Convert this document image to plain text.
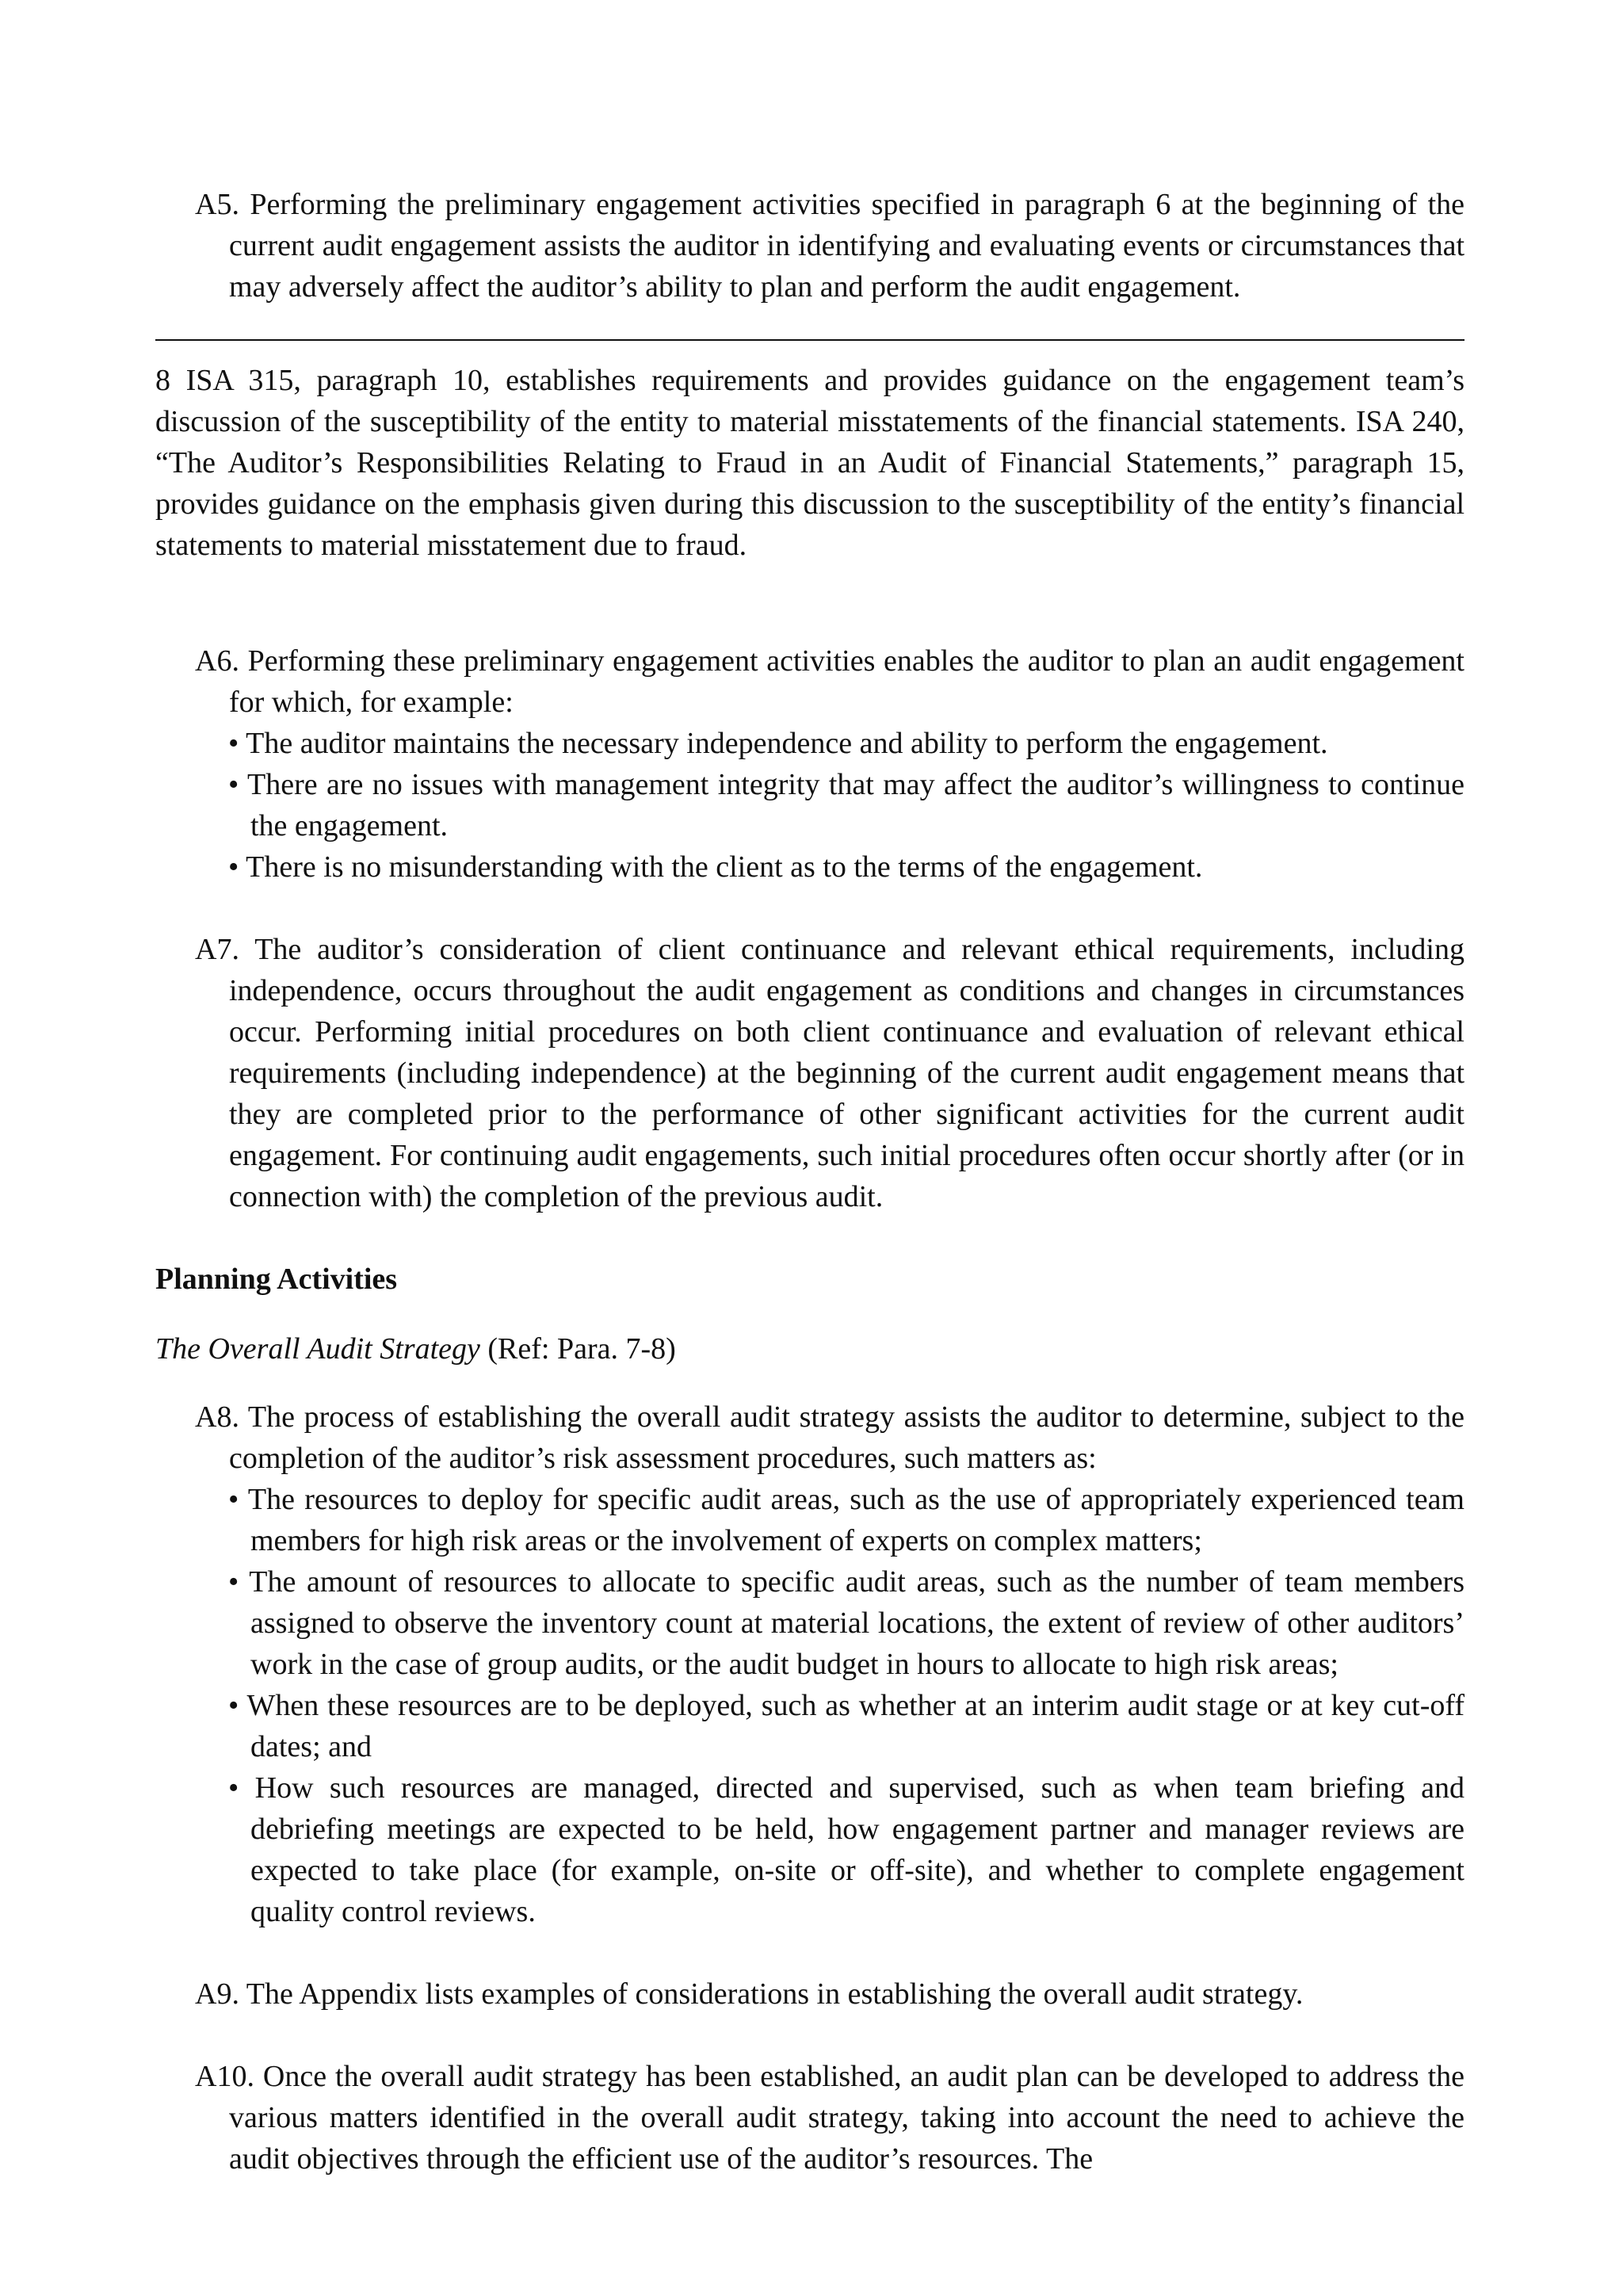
A5. Performing the preliminary engagement activities specified in paragraph 6 at the beginning of the current audit engagement assists the auditor in identifying and evaluating events or circumstances that may adversely affect the auditor’s ability to plan and perform the audit engagement.

8 ISA 315, paragraph 10, establishes requirements and provides guidance on the engagement team’s discussion of the susceptibility of the entity to material misstatements of the financial statements. ISA 240, “The Auditor’s Responsibilities Relating to Fraud in an Audit of Financial Statements,” paragraph 15, provides guidance on the emphasis given during this discussion to the susceptibility of the entity’s financial statements to material misstatement due to fraud.

A6. Performing these preliminary engagement activities enables the auditor to plan an audit engagement for which, for example:

• The auditor maintains the necessary independence and ability to perform the engagement.

• There are no issues with management integrity that may affect the auditor’s willingness to continue the engagement.

• There is no misunderstanding with the client as to the terms of the engagement.

A7. The auditor’s consideration of client continuance and relevant ethical requirements, including independence, occurs throughout the audit engagement as conditions and changes in circumstances occur. Performing initial procedures on both client continuance and evaluation of relevant ethical requirements (including independence) at the beginning of the current audit engagement means that they are completed prior to the performance of other significant activities for the current audit engagement. For continuing audit engagements, such initial procedures often occur shortly after (or in connection with) the completion of the previous audit.

Planning Activities

The Overall Audit Strategy (Ref: Para. 7-8)

A8. The process of establishing the overall audit strategy assists the auditor to determine, subject to the completion of the auditor’s risk assessment procedures, such matters as:

• The resources to deploy for specific audit areas, such as the use of appropriately experienced team members for high risk areas or the involvement of experts on complex matters;

• The amount of resources to allocate to specific audit areas, such as the number of team members assigned to observe the inventory count at material locations, the extent of review of other auditors’ work in the case of group audits, or the audit budget in hours to allocate to high risk areas;

• When these resources are to be deployed, such as whether at an interim audit stage or at key cut-off dates; and

• How such resources are managed, directed and supervised, such as when team briefing and debriefing meetings are expected to be held, how engagement partner and manager reviews are expected to take place (for example, on-site or off-site), and whether to complete engagement quality control reviews.

A9. The Appendix lists examples of considerations in establishing the overall audit strategy.

A10. Once the overall audit strategy has been established, an audit plan can be developed to address the various matters identified in the overall audit strategy, taking into account the need to achieve the audit objectives through the efficient use of the auditor’s resources. The
